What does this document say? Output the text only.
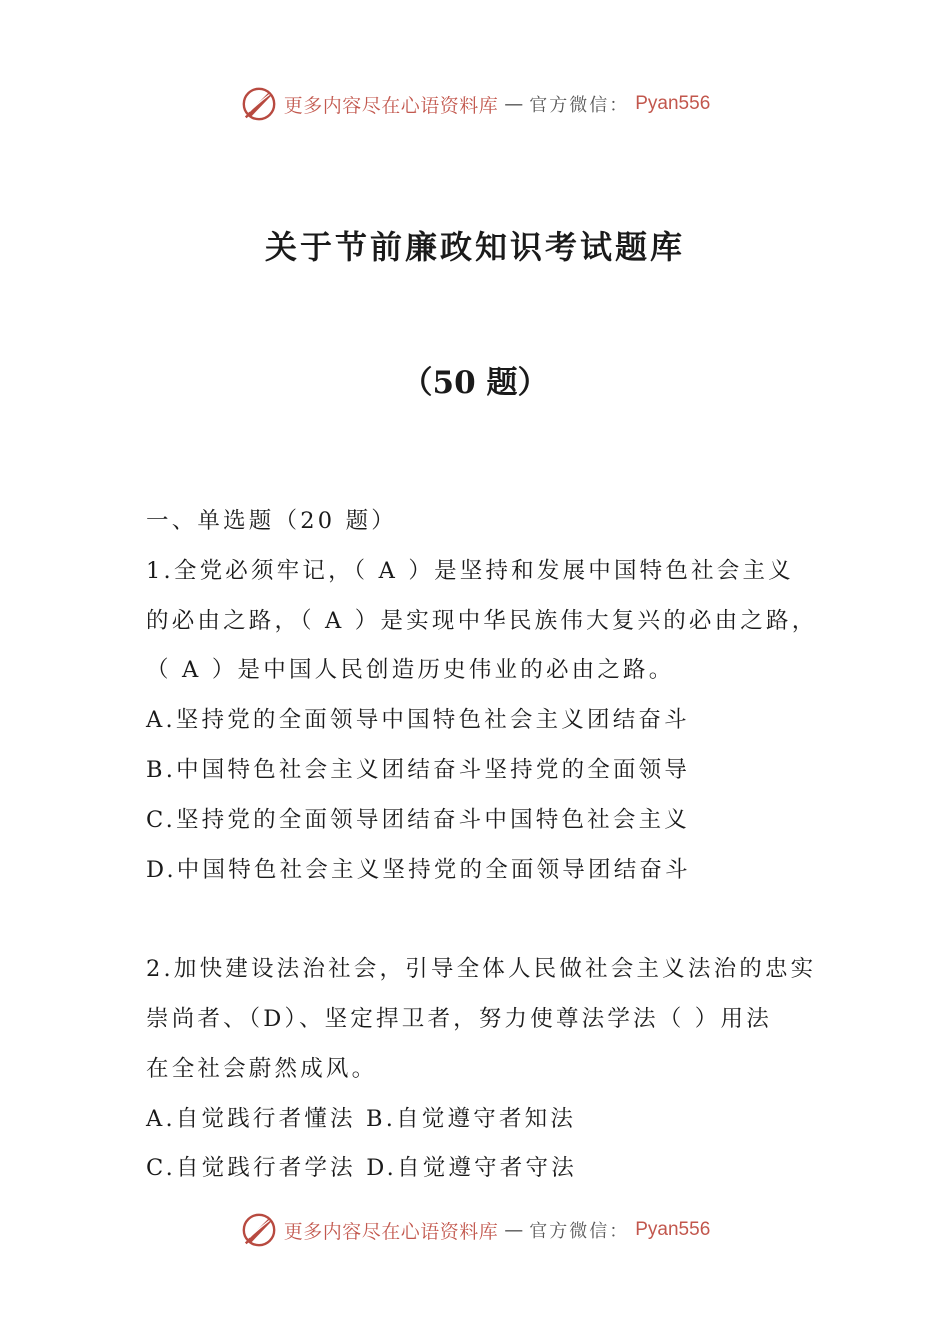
更多内容尽在心语资料库 — 官方微信： Pyan556
关于节前廉政知识考试题库
（50 题）
一、单选题（20 题）
1.全党必须牢记，（ A ）是坚持和发展中国特色社会主义
的必由之路，（ A ）是实现中华民族伟大复兴的必由之路，
（ A ）是中国人民创造历史伟业的必由之路。
A.坚持党的全面领导中国特色社会主义团结奋斗
B.中国特色社会主义团结奋斗坚持党的全面领导
C.坚持党的全面领导团结奋斗中国特色社会主义
D.中国特色社会主义坚持党的全面领导团结奋斗
2.加快建设法治社会，引导全体人民做社会主义法治的忠实
崇尚者、（D）、坚定捍卫者，努力使尊法学法（ ）用法
在全社会蔚然成风。
A.自觉践行者懂法 B.自觉遵守者知法
C.自觉践行者学法 D.自觉遵守者守法
更多内容尽在心语资料库 — 官方微信： Pyan556
